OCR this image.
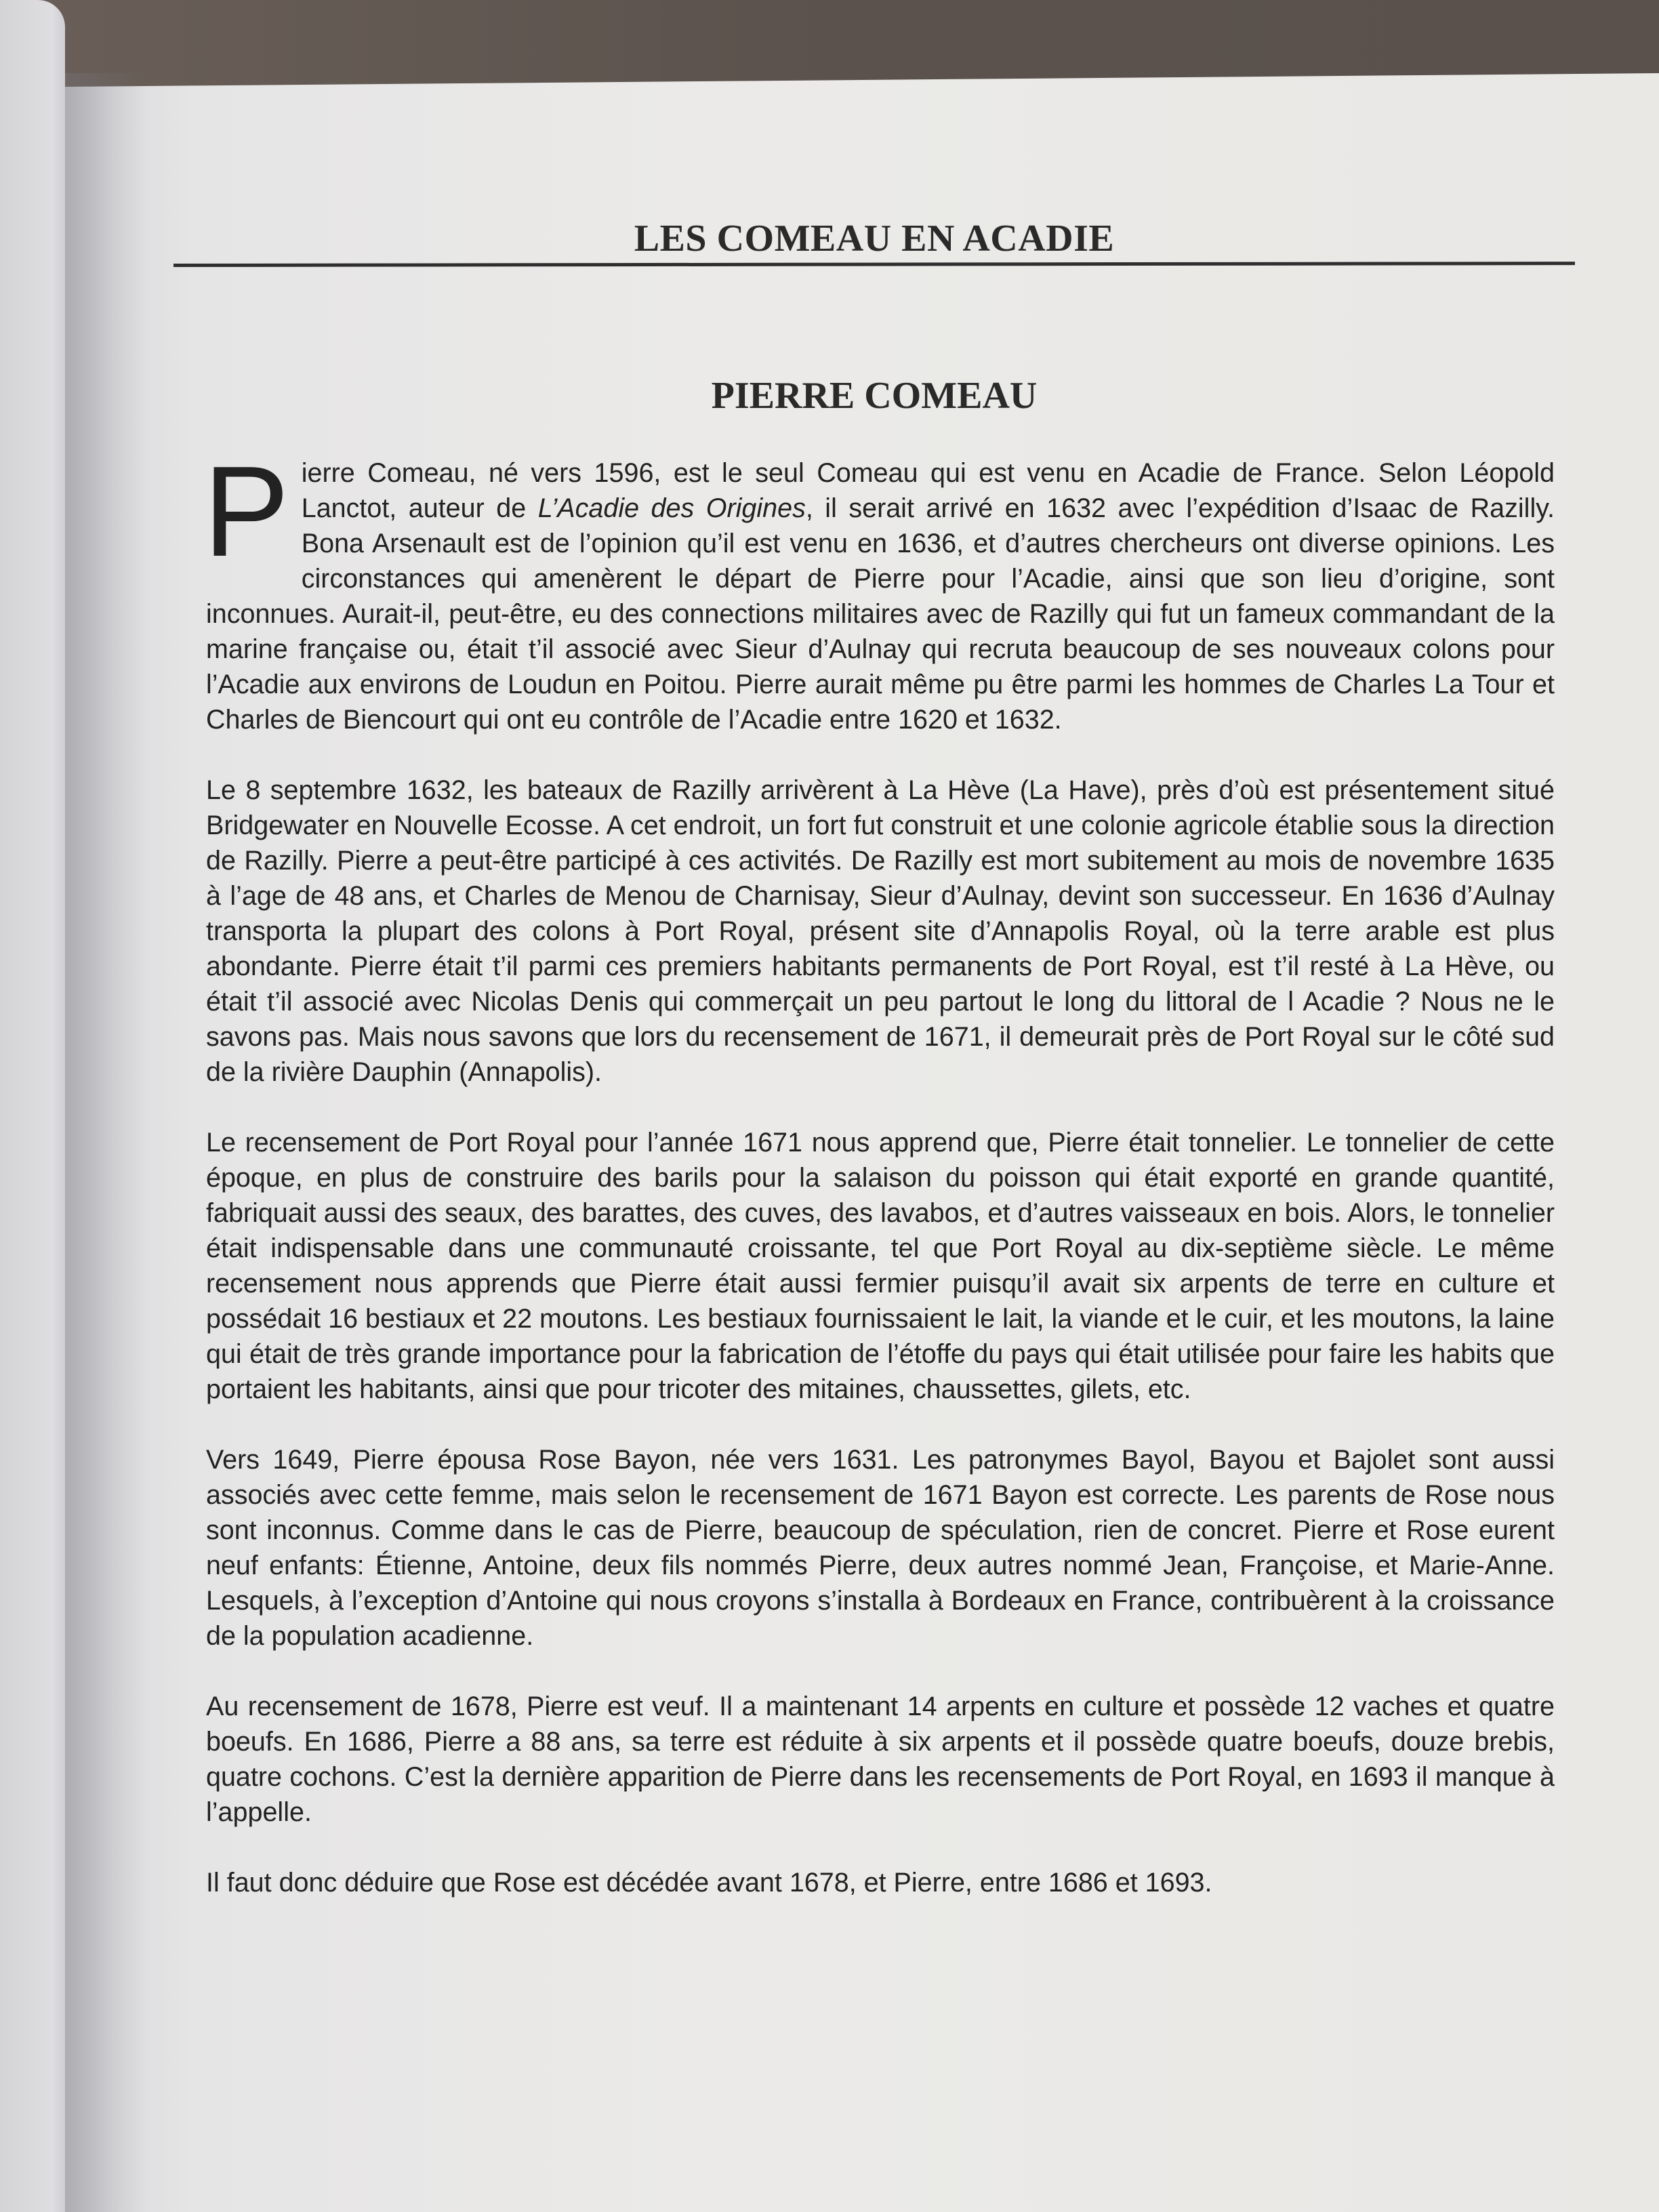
LES COMEAU EN ACADIE
PIERRE COMEAU

Pierre Comeau, né vers 1596, est le seul Comeau qui est venu en Acadie de France. Selon Léopold Lanctot, auteur de L’Acadie des Origines, il serait arrivé en 1632 avec l’expédition d’Isaac de Razilly. Bona Arsenault est de l’opinion qu’il est venu en 1636, et d’autres chercheurs ont diverse opinions. Les circonstances qui amenèrent le départ de Pierre pour l’Acadie, ainsi que son lieu d’origine, sont inconnues. Aurait-il, peut-être, eu des connections militaires avec de Razilly qui fut un fameux commandant de la marine française ou, était t’il associé avec Sieur d’Aulnay qui recruta beaucoup de ses nouveaux colons pour l’Acadie aux environs de Loudun en Poitou. Pierre aurait même pu être parmi les hommes de Charles La Tour et Charles de Biencourt qui ont eu contrôle de l’Acadie entre 1620 et 1632.

Le 8 septembre 1632, les bateaux de Razilly arrivèrent à La Hève (La Have), près d’où est présentement situé Bridgewater en Nouvelle Ecosse. A cet endroit, un fort fut construit et une colonie agricole établie sous la direction de Razilly. Pierre a peut-être participé à ces activités. De Razilly est mort subitement au mois de novembre 1635 à l’age de 48 ans, et Charles de Menou de Charnisay, Sieur d’Aulnay, devint son successeur. En 1636 d’Aulnay transporta la plupart des colons à Port Royal, présent site d’Annapolis Royal, où la terre arable est plus abondante. Pierre était t’il parmi ces premiers habitants permanents de Port Royal, est t’il resté à La Hève, ou était t’il associé avec Nicolas Denis qui commerçait un peu partout le long du littoral de l Acadie ? Nous ne le savons pas. Mais nous savons que lors du recensement de 1671, il demeurait près de Port Royal sur le côté sud de la rivière Dauphin (Annapolis).

Le recensement de Port Royal pour l’année 1671 nous apprend que, Pierre était tonnelier. Le tonnelier de cette époque, en plus de construire des barils pour la salaison du poisson qui était exporté en grande quantité, fabriquait aussi des seaux, des barattes, des cuves, des lavabos, et d’autres vaisseaux en bois. Alors, le tonnelier était indispensable dans une communauté croissante, tel que Port Royal au dix-septième siècle. Le même recensement nous apprends que Pierre était aussi fermier puisqu’il avait six arpents de terre en culture et possédait 16 bestiaux et 22 moutons. Les bestiaux fournissaient le lait, la viande et le cuir, et les moutons, la laine qui était de très grande importance pour la fabrication de l’étoffe du pays qui était utilisée pour faire les habits que portaient les habitants, ainsi que pour tricoter des mitaines, chaussettes, gilets, etc.

Vers 1649, Pierre épousa Rose Bayon, née vers 1631. Les patronymes Bayol, Bayou et Bajolet sont aussi associés avec cette femme, mais selon le recensement de 1671 Bayon est correcte. Les parents de Rose nous sont inconnus. Comme dans le cas de Pierre, beaucoup de spéculation, rien de concret. Pierre et Rose eurent neuf enfants: Étienne, Antoine, deux fils nommés Pierre, deux autres nommé Jean, Françoise, et Marie-Anne. Lesquels, à l’exception d’Antoine qui nous croyons s’installa à Bordeaux en France, contribuèrent à la croissance de la population acadienne.

Au recensement de 1678, Pierre est veuf. Il a maintenant 14 arpents en culture et possède 12 vaches et quatre boeufs. En 1686, Pierre a 88 ans, sa terre est réduite à six arpents et il possède quatre boeufs, douze brebis, quatre cochons. C’est la dernière apparition de Pierre dans les recensements de Port Royal, en 1693 il manque à l’appelle.

Il faut donc déduire que Rose est décédée avant 1678, et Pierre, entre 1686 et 1693.
